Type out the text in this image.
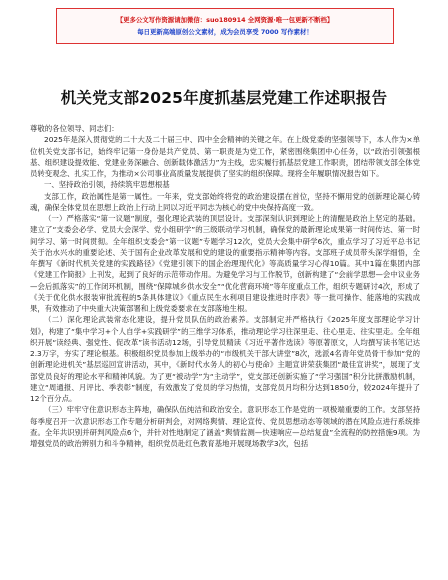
【更多公文写作资源请加微信：suo180914 全网资源·唯一包更新不断档】
每日更新高端原创公文素材，成为会员享受 7000 写作素材！
机关党支部2025年度抓基层党建工作述职报告

尊敬的各位领导、同志们：

2025年是深入贯彻党的二十大及二十届三中、四中全会精神的关键之年。在上级党委的坚强领导下，本人作为×单位机关党支部书记，始终牢记第一身份是共产党员、第一职责是为党工作，紧密围绕集团中心任务，以“政治引领强根基、组织建设提效能、党建业务深融合、创新载体激活力”为主线，忠实履行抓基层党建工作职责，团结带领支部全体党员转变观念、扎实工作，为推动×公司事业高质量发展提供了坚实的组织保障。现将全年履职情况报告如下。

一、坚持政治引领，持续筑牢思想根基

支部工作，政治属性是第一属性。一年来，党支部始终将党的政治建设摆在首位，坚持不懈用党的创新理论凝心铸魂，确保全体党员在思想上政治上行动上同以习近平同志为核心的党中央保持高度一致。

（一）严格落实“第一议题”制度，强化理论武装的顶层设计。支部深刻认识到理论上的清醒是政治上坚定的基础。建立了“支委会必学、党员大会深学、党小组研学”的三级联动学习机制，确保党的最新理论成果第一时间传达、第一时间学习、第一时间贯彻。全年组织支委会“第一议题”专题学习12次，党员大会集中研学6次，重点学习了习近平总书记关于治水兴水的重要论述、关于国有企业改革发展和党的建设的重要指示精神等内容。支部班子成员带头深学细悟，全年撰写《新时代机关党建的实践路径》《党建引领下的国企治理现代化》等高质量学习心得10篇。其中1篇在集团内部《党建工作简报》上刊发，起到了良好的示范带动作用。为避免学习与工作脱节，创新构建了“会前学思想—会中议业务—会后抓落实”的工作闭环机制，围绕“保障城乡供水安全”“优化营商环境”等年度重点工作，组织专题研讨4次，形成了《关于优化供水报装审批流程的5条具体建议》《重点民生水利项目建设推进时序表》等一批可操作、能落地的实践成果，有效推动了中央重大决策部署和上级党委要求在支部落地生根。

（二）深化理论武装常态化建设，提升党员队伍的政治素养。支部制定并严格执行《2025年度支部理论学习计划》，构建了“集中学习+个人自学+实践研学”的三维学习体系，推动理论学习往深里走、往心里走、往实里走。全年组织开展“读经典、强党性、促改革”读书活动12场，引导党员精读《习近平著作选读》等原著原文，人均撰写读书笔记达2.3万字，夯实了理论根基。积极组织党员参加上级举办的“市级机关干部大讲堂”8次，选派4名青年党员骨干参加“党的创新理论进机关”基层巡回宣讲活动，其中，《新时代水务人的初心与使命》主题宣讲荣获集团“最佳宣讲奖”，展现了支部党员良好的理论水平和精神风貌。为了更“被动学”为“主动学”，党支部还创新实施了“学习强国”积分比拼激励机制，建立“周通报、月评比、季表彰”制度，有效激发了党员的学习热情，支部党员月均积分达到1850分，较2024年提升了12个百分点。

（三）牢牢守住意识形态主阵地，确保队伍纯洁和政治安全。意识形态工作是党的一项极端重要的工作。支部坚持每季度召开一次意识形态工作专题分析研判会，对网络舆情、理论宣传、党员思想动态等领域的潜在风险点进行系统排查。全年共识别并研判风险点6个，并针对性地制定了涵盖“舆情监测—快速响应—总结复盘”全流程的防控措施9项。为增强党员的政治辨别力和斗争精神，组织党员赴红色教育基地开展现场教学3次，包括
